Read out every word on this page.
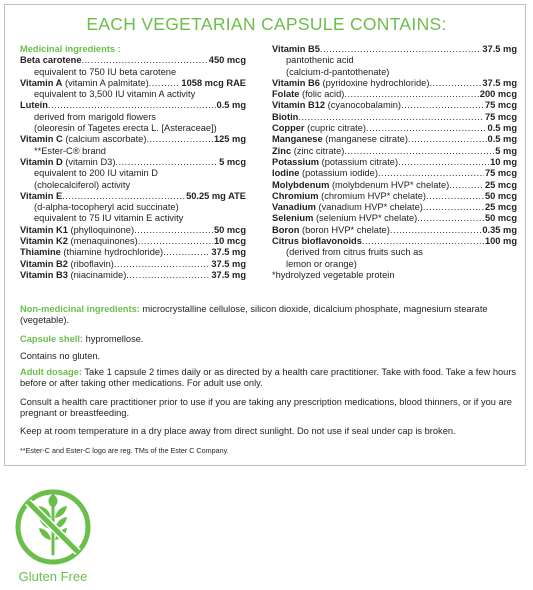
EACH VEGETARIAN CAPSULE CONTAINS:
Medicinal ingredients :
Beta carotene .....	450 mcg
equivalent to 750 IU beta carotene
Vitamin A (vitamin A palmitate) .....	1058 mcg RAE
equivalent to 3,500 IU vitamin A activity
Lutein .....	0.5 mg
derived from marigold flowers
(oleoresin of Tagetes erecta L. [Asteraceae])
Vitamin C (calcium ascorbate) .....	125 mg
**Ester-C® brand
Vitamin D (vitamin D3) .....	5 mcg
equivalent to 200 IU vitamin D
(cholecalciferol) activity
Vitamin E .....	50.25 mg ATE
(d-alpha-tocopheryl acid succinate)
equivalent to 75 IU vitamin E activity
Vitamin K1 (phylloquinone) .....	50 mcg
Vitamin K2 (menaquinones) .....	10 mcg
Thiamine (thiamine hydrochloride) .....	37.5 mg
Vitamin B2 (riboflavin) .....	37.5 mg
Vitamin B3 (niacinamide) .....	37.5 mg
Vitamin B5 .....	37.5 mg
pantothenic acid
(calcium-d-pantothenate)
Vitamin B6 (pyridoxine hydrochloride) .....	37.5 mg
Folate (folic acid) .....	200 mcg
Vitamin B12 (cyanocobalamin) .....	75 mcg
Biotin .....	75 mcg
Copper (cupric citrate) .....	0.5 mg
Manganese (manganese citrate) .....	0.5 mg
Zinc (zinc citrate) .....	5 mg
Potassium (potassium citrate) .....	10 mg
Iodine (potassium iodide) .....	75 mcg
Molybdenum (molybdenum HVP* chelate) .....	25 mcg
Chromium (chromium HVP* chelate) .....	50 mcg
Vanadium (vanadium HVP* chelate) .....	25 mcg
Selenium (selenium HVP* chelate) .....	50 mcg
Boron (boron HVP* chelate) .....	0.35 mg
Citrus bioflavonoids .....	100 mg
(derived from citrus fruits such as
lemon or orange)
*hydrolyzed vegetable protein
Non-medicinal ingredients: microcrystalline cellulose, silicon dioxide, dicalcium phosphate, magnesium stearate (vegetable).
Capsule shell: hypromellose.
Contains no gluten.
Adult dosage: Take 1 capsule 2 times daily or as directed by a health care practitioner. Take with food. Take a few hours before or after taking other medications. For adult use only.
Consult a health care practitioner prior to use if you are taking any prescription medications, blood thinners, or if you are pregnant or breastfeeding.
Keep at room temperature in a dry place away from direct sunlight. Do not use if seal under cap is broken.
**Ester-C and Ester-C logo are reg. TMs of the Ester C Company.
Gluten Free
